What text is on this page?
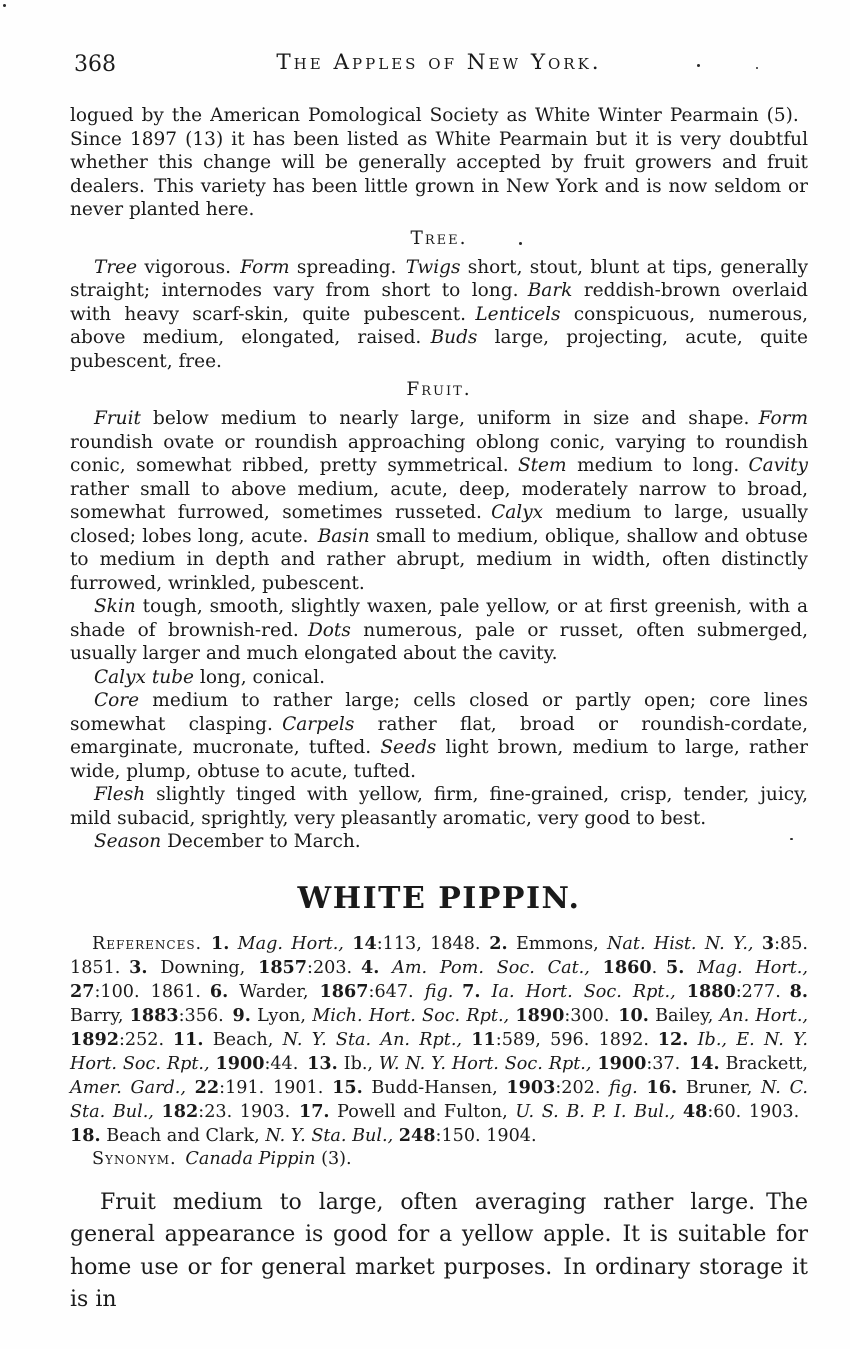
368	The Apples of New York.

logued by the American Pomological Society as White Winter Pearmain (5). Since 1897 (13) it has been listed as White Pearmain but it is very doubtful whether this change will be generally accepted by fruit growers and fruit dealers. This variety has been little grown in New York and is now seldom or never planted here.

Tree.

Tree vigorous. Form spreading. Twigs short, stout, blunt at tips, generally straight; internodes vary from short to long. Bark reddish-brown overlaid with heavy scarf-skin, quite pubescent. Lenticels conspicuous, numerous, above medium, elongated, raised. Buds large, projecting, acute, quite pubescent, free.

Fruit.

Fruit below medium to nearly large, uniform in size and shape. Form roundish ovate or roundish approaching oblong conic, varying to roundish conic, somewhat ribbed, pretty symmetrical. Stem medium to long. Cavity rather small to above medium, acute, deep, moderately narrow to broad, somewhat furrowed, sometimes russeted. Calyx medium to large, usually closed; lobes long, acute. Basin small to medium, oblique, shallow and obtuse to medium in depth and rather abrupt, medium in width, often distinctly furrowed, wrinkled, pubescent.

Skin tough, smooth, slightly waxen, pale yellow, or at first greenish, with a shade of brownish-red. Dots numerous, pale or russet, often submerged, usually larger and much elongated about the cavity.

Calyx tube long, conical.

Core medium to rather large; cells closed or partly open; core lines somewhat clasping. Carpels rather flat, broad or roundish-cordate, emarginate, mucronate, tufted. Seeds light brown, medium to large, rather wide, plump, obtuse to acute, tufted.

Flesh slightly tinged with yellow, firm, fine-grained, crisp, tender, juicy, mild subacid, sprightly, very pleasantly aromatic, very good to best.

Season December to March.

WHITE PIPPIN.

References.  1. Mag. Hort., 14:113, 1848. 2. Emmons, Nat. Hist. N. Y., 3:85. 1851. 3. Downing, 1857:203. 4. Am. Pom. Soc. Cat., 1860. 5. Mag. Hort., 27:100. 1861. 6. Warder, 1867:647. fig.  7. Ia. Hort. Soc. Rpt., 1880:277. 8. Barry, 1883:356. 9. Lyon, Mich. Hort. Soc. Rpt., 1890:300. 10. Bailey, An. Hort., 1892:252. 11. Beach, N. Y. Sta. An. Rpt., 11:589, 596. 1892. 12. Ib., E. N. Y. Hort. Soc. Rpt., 1900:44. 13. Ib., W. N. Y. Hort. Soc. Rpt., 1900:37. 14. Brackett, Amer. Gard., 22:191. 1901. 15. Budd-Hansen, 1903:202. fig.  16. Bruner, N. C. Sta. Bul., 182:23. 1903. 17. Powell and Fulton, U. S. B. P. I. Bul., 48:60. 1903. 18. Beach and Clark, N. Y. Sta. Bul., 248:150. 1904.

Synonym.  Canada Pippin (3).

Fruit medium to large, often averaging rather large. The general appearance is good for a yellow apple. It is suitable for home use or for general market purposes. In ordinary storage it is in
